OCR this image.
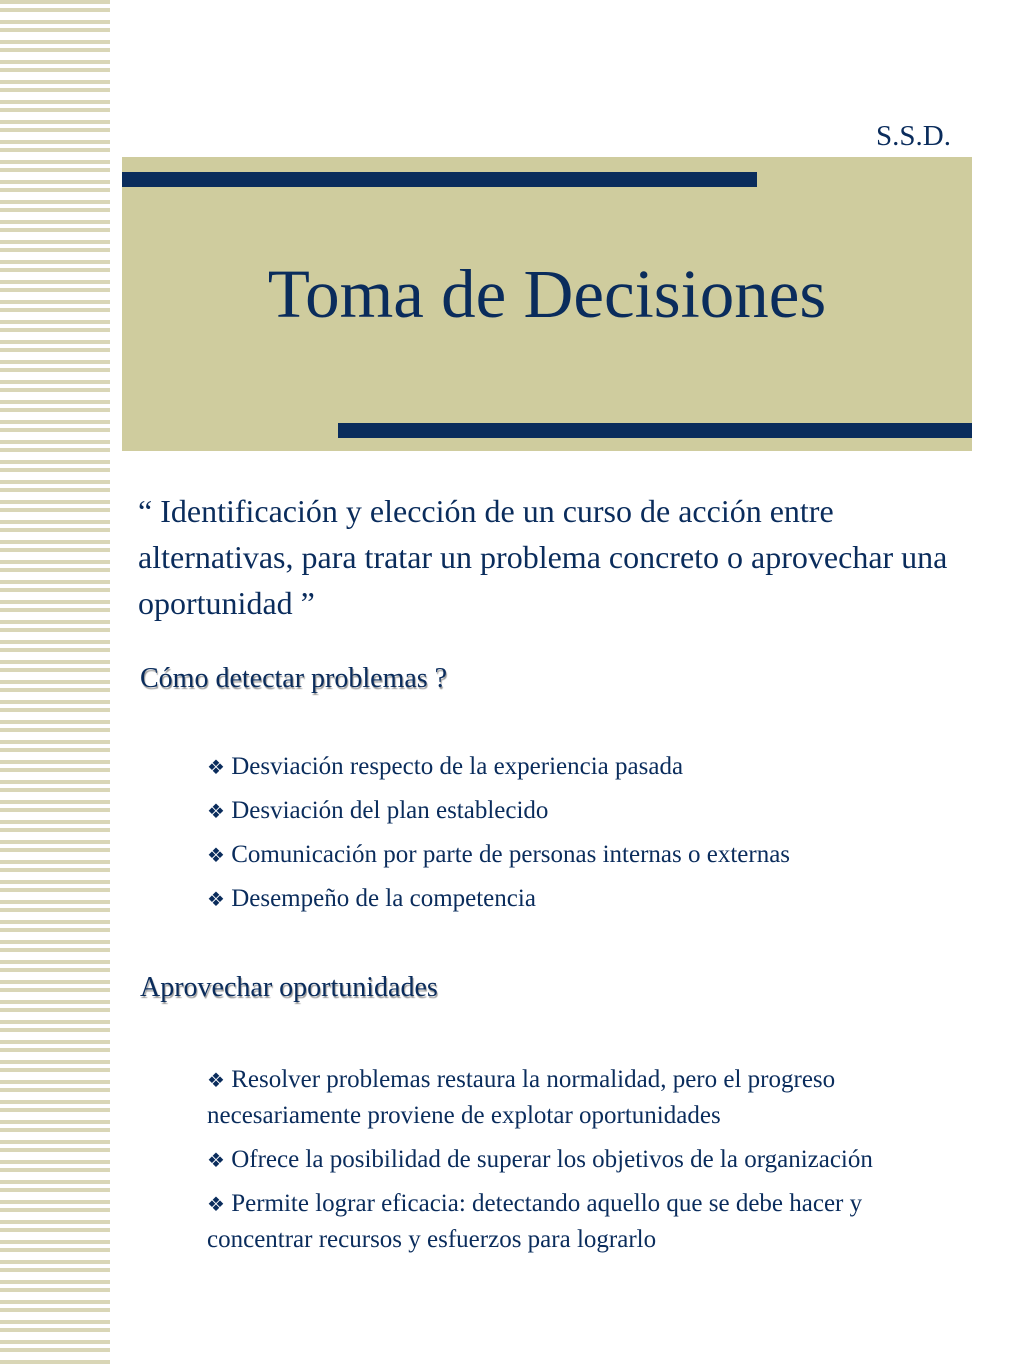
S.S.D.
Toma de Decisiones
“ Identificación y elección de un curso de acción entre alternativas, para tratar un problema concreto o aprovechar una oportunidad ”
Cómo detectar problemas ?
❖ Desviación respecto de la experiencia pasada
❖ Desviación del plan establecido
❖ Comunicación por parte de personas internas o externas
❖ Desempeño de la competencia
Aprovechar oportunidades
❖ Resolver problemas restaura la normalidad, pero el progreso necesariamente proviene de explotar oportunidades
❖ Ofrece la posibilidad de superar los objetivos de la organización
❖ Permite lograr eficacia: detectando aquello que se debe hacer y concentrar recursos y esfuerzos para lograrlo
